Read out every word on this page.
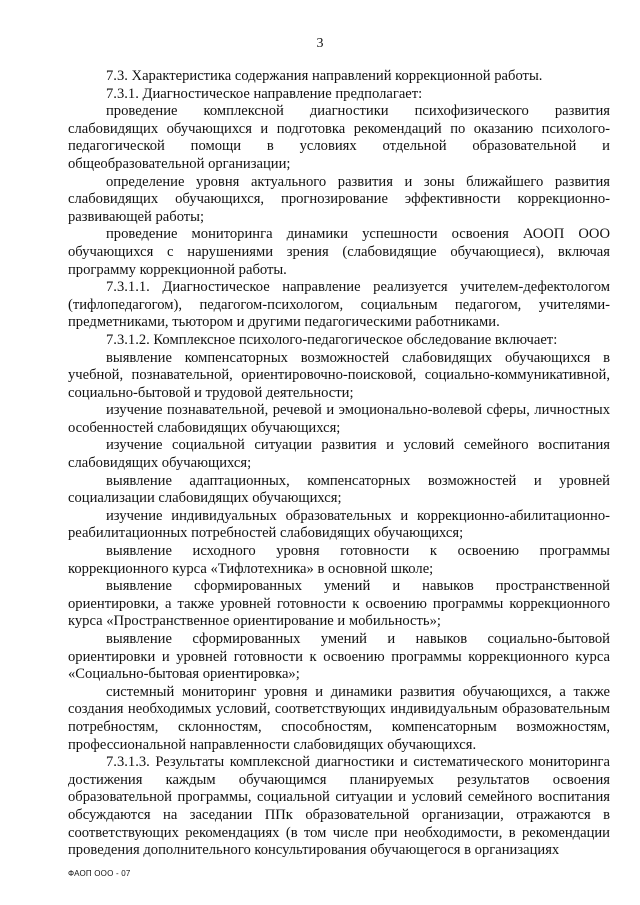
3

7.3. Характеристика содержания направлений коррекционной работы.

7.3.1. Диагностическое направление предполагает:

проведение комплексной диагностики психофизического развития слабовидящих обучающихся и подготовка рекомендаций по оказанию психолого-педагогической помощи в условиях отдельной образовательной и общеобразовательной организации;

определение уровня актуального развития и зоны ближайшего развития слабовидящих обучающихся, прогнозирование эффективности коррекционно-развивающей работы;

проведение мониторинга динамики успешности освоения АООП ООО обучающихся с нарушениями зрения (слабовидящие обучающиеся), включая программу коррекционной работы.

7.3.1.1. Диагностическое направление реализуется учителем-дефектологом (тифлопедагогом), педагогом-психологом, социальным педагогом, учителями-предметниками, тьютором и другими педагогическими работниками.

7.3.1.2. Комплексное психолого-педагогическое обследование включает:

выявление компенсаторных возможностей слабовидящих обучающихся в учебной, познавательной, ориентировочно-поисковой, социально-коммуникативной, социально-бытовой и трудовой деятельности;

изучение познавательной, речевой и эмоционально-волевой сферы, личностных особенностей слабовидящих обучающихся;

изучение социальной ситуации развития и условий семейного воспитания слабовидящих обучающихся;

выявление адаптационных, компенсаторных возможностей и уровней социализации слабовидящих обучающихся;

изучение индивидуальных образовательных и коррекционно-абилитационно-реабилитационных потребностей слабовидящих обучающихся;

выявление исходного уровня готовности к освоению программы коррекционного курса «Тифлотехника» в основной школе;

выявление сформированных умений и навыков пространственной ориентировки, а также уровней готовности к освоению программы коррекционного курса «Пространственное ориентирование и мобильность»;

выявление сформированных умений и навыков социально-бытовой ориентировки и уровней готовности к освоению программы коррекционного курса «Социально-бытовая ориентировка»;

системный мониторинг уровня и динамики развития обучающихся, а также создания необходимых условий, соответствующих индивидуальным образовательным потребностям, склонностям, способностям, компенсаторным возможностям, профессиональной направленности слабовидящих обучающихся.

7.3.1.3. Результаты комплексной диагностики и систематического мониторинга достижения каждым обучающимся планируемых результатов освоения образовательной программы, социальной ситуации и условий семейного воспитания обсуждаются на заседании ППк образовательной организации, отражаются в соответствующих рекомендациях (в том числе при необходимости, в рекомендации проведения дополнительного консультирования обучающегося в организациях

ФАОП ООО - 07
